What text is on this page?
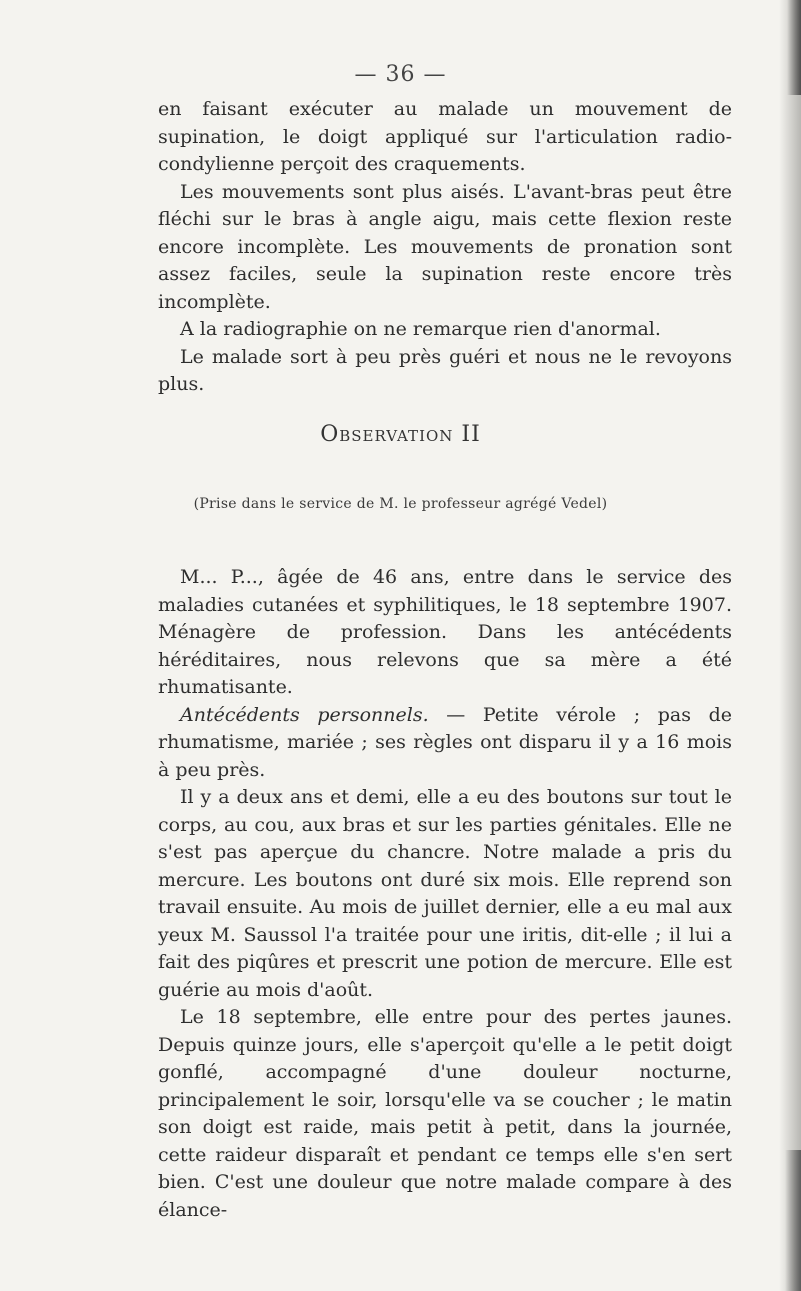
— 36 —

en faisant exécuter au malade un mouvement de supination, le doigt appliqué sur l'articulation radio-condylienne perçoit des craquements.

Les mouvements sont plus aisés. L'avant-bras peut être fléchi sur le bras à angle aigu, mais cette flexion reste encore incomplète. Les mouvements de pronation sont assez faciles, seule la supination reste encore très incomplète.

A la radiographie on ne remarque rien d'anormal.

Le malade sort à peu près guéri et nous ne le revoyons plus.

Observation II
(Prise dans le service de M. le professeur agrégé Vedel)

M... P..., âgée de 46 ans, entre dans le service des maladies cutanées et syphilitiques, le 18 septembre 1907. Ménagère de profession. Dans les antécédents héréditaires, nous relevons que sa mère a été rhumatisante.

Antécédents personnels. — Petite vérole ; pas de rhumatisme, mariée ; ses règles ont disparu il y a 16 mois à peu près.

Il y a deux ans et demi, elle a eu des boutons sur tout le corps, au cou, aux bras et sur les parties génitales. Elle ne s'est pas aperçue du chancre. Notre malade a pris du mercure. Les boutons ont duré six mois. Elle reprend son travail ensuite. Au mois de juillet dernier, elle a eu mal aux yeux M. Saussol l'a traitée pour une iritis, dit-elle ; il lui a fait des piqûres et prescrit une potion de mercure. Elle est guérie au mois d'août.

Le 18 septembre, elle entre pour des pertes jaunes. Depuis quinze jours, elle s'aperçoit qu'elle a le petit doigt gonflé, accompagné d'une douleur nocturne, principalement le soir, lorsqu'elle va se coucher ; le matin son doigt est raide, mais petit à petit, dans la journée, cette raideur disparaît et pendant ce temps elle s'en sert bien. C'est une douleur que notre malade compare à des élance-
